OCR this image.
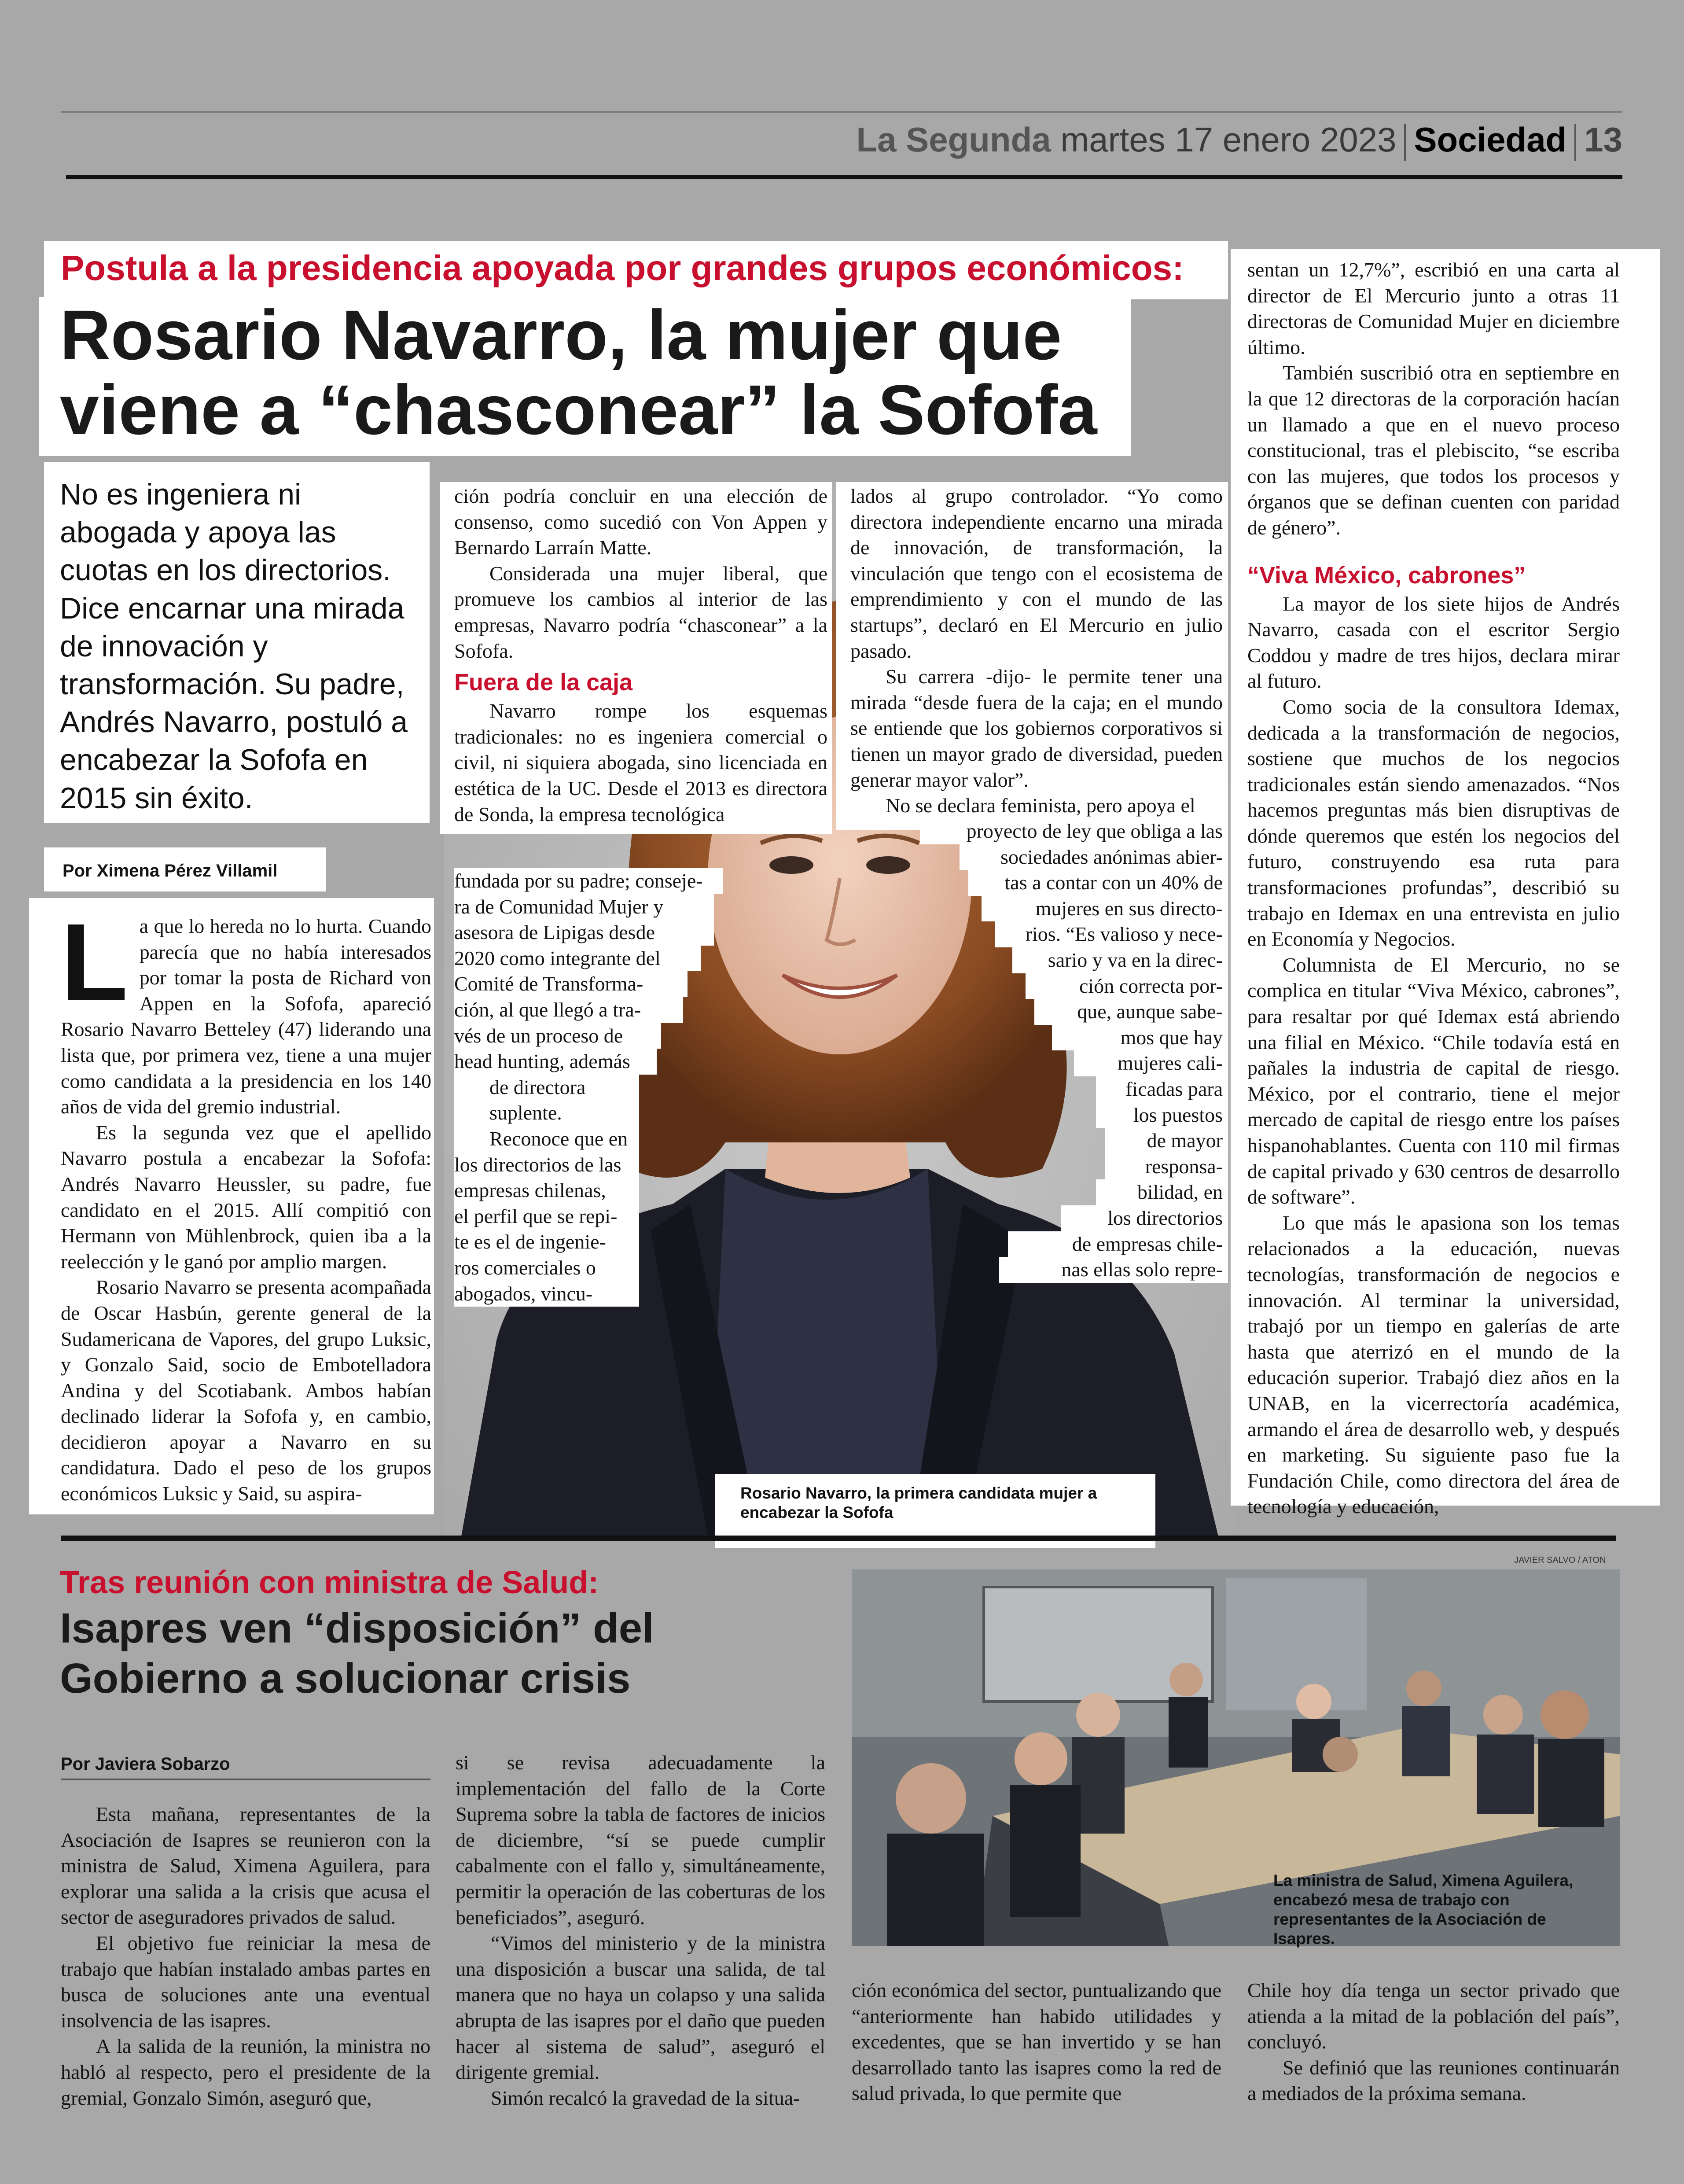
La Segunda martes 17 enero 2023 Sociedad 13
Postula a la presidencia apoyada por grandes grupos económicos:
Rosario Navarro, la mujer que
viene a “chasconear” la Sofofa
No es ingeniera ni abogada y apoya las cuotas en los directorios. Dice encarnar una mirada de innovación y transformación. Su padre, Andrés Navarro, postuló a encabezar la Sofofa en 2015 sin éxito.
Por Ximena Pérez Villamil
L a que lo hereda no lo hurta. Cuando parecía que no había interesados por tomar la posta de Richard von Appen en la Sofofa, apareció Rosario Navarro Betteley (47) liderando una lista que, por primera vez, tiene a una mujer como candidata a la presidencia en los 140 años de vida del gremio industrial.

Es la segunda vez que el apellido Navarro postula a encabezar la Sofofa: Andrés Navarro Heussler, su padre, fue candidato en el 2015. Allí compitió con Hermann von Mühlenbrock, quien iba a la reelección y le ganó por amplio margen.

Rosario Navarro se presenta acompañada de Oscar Hasbún, gerente general de la Sudamericana de Vapores, del grupo Luksic, y Gonzalo Said, socio de Embotelladora Andina y del Scotiabank. Ambos habían declinado liderar la Sofofa y, en cambio, decidieron apoyar a Navarro en su candidatura. Dado el peso de los grupos económicos Luksic y Said, su aspira-

ción podría concluir en una elección de consenso, como sucedió con Von Appen y Bernardo Larraín Matte.

Considerada una mujer liberal, que promueve los cambios al interior de las empresas, Navarro podría “chasconear” a la Sofofa.

Fuera de la caja

Navarro rompe los esquemas tradicionales: no es ingeniera comercial o civil, ni siquiera abogada, sino licenciada en estética de la UC. Desde el 2013 es directora de Sonda, la empresa tecnológica

fundada por su padre; conseje-
ra de Comunidad Mujer y
asesora de Lipigas desde
2020 como integrante del
Comité de Transforma-
ción, al que llegó a tra-
vés de un proceso de
head hunting, además
de directora suplente.
Reconoce que en
los directorios de las
empresas chilenas,
el perfil que se repi-
te es el de ingenie-
ros comerciales o
abogados, vincu-

lados al grupo controlador. “Yo como directora independiente encarno una mirada de innovación, de transformación, la vinculación que tengo con el ecosistema de emprendimiento y con el mundo de las startups”, declaró en El Mercurio en julio pasado.

Su carrera -dijo- le permite tener una mirada “desde fuera de la caja; en el mundo se entiende que los gobiernos corporativos si tienen un mayor grado de diversidad, pueden generar mayor valor”.

No se declara feminista, pero apoya el

proyecto de ley que obliga a las
sociedades anónimas abier-
tas a contar con un 40% de
mujeres en sus directo-
rios. “Es valioso y nece-
sario y va en la direc-
ción correcta por-
que, aunque sabe-
mos que hay
mujeres cali-
ficadas para
los puestos
de mayor
responsa-
bilidad, en
los directorios
de empresas chile-
nas ellas solo repre-
Rosario Navarro, la primera candidata mujer a encabezar la Sofofa

sentan un 12,7%”, escribió en una carta al director de El Mercurio junto a otras 11 directoras de Comunidad Mujer en diciembre último.

También suscribió otra en septiembre en la que 12 directoras de la corporación hacían un llamado a que en el nuevo proceso constitucional, tras el plebiscito, “se escriba con las mujeres, que todos los procesos y órganos que se definan cuenten con paridad de género”.

“Viva México, cabrones”

La mayor de los siete hijos de Andrés Navarro, casada con el escritor Sergio Coddou y madre de tres hijos, declara mirar al futuro.

Como socia de la consultora Idemax, dedicada a la transformación de negocios, sostiene que muchos de los negocios tradicionales están siendo amenazados. “Nos hacemos preguntas más bien disruptivas de dónde queremos que estén los negocios del futuro, construyendo esa ruta para transformaciones profundas”, describió su trabajo en Idemax en una entrevista en julio en Economía y Negocios.

Columnista de El Mercurio, no se complica en titular “Viva México, cabrones”, para resaltar por qué Idemax está abriendo una filial en México. “Chile todavía está en pañales la industria de capital de riesgo. México, por el contrario, tiene el mejor mercado de capital de riesgo entre los países hispanohablantes. Cuenta con 110 mil firmas de capital privado y 630 centros de desarrollo de software”.

Lo que más le apasiona son los temas relacionados a la educación, nuevas tecnologías, transformación de negocios e innovación. Al terminar la universidad, trabajó por un tiempo en galerías de arte hasta que aterrizó en el mundo de la educación superior. Trabajó diez años en la UNAB, en la vicerrectoría académica, armando el área de desarrollo web, y después en marketing. Su siguiente paso fue la Fundación Chile, como directora del área de tecnología y educación,

Tras reunión con ministra de Salud:
Isapres ven “disposición” del
Gobierno a solucionar crisis
Por Javiera Sobarzo

Esta mañana, representantes de la Asociación de Isapres se reunieron con la ministra de Salud, Ximena Aguilera, para explorar una salida a la crisis que acusa el sector de aseguradores privados de salud.

El objetivo fue reiniciar la mesa de trabajo que habían instalado ambas partes en busca de soluciones ante una eventual insolvencia de las isapres.

A la salida de la reunión, la ministra no habló al respecto, pero el presidente de la gremial, Gonzalo Simón, aseguró que,

si se revisa adecuadamente la implementación del fallo de la Corte Suprema sobre la tabla de factores de inicios de diciembre, “sí se puede cumplir cabalmente con el fallo y, simultáneamente, permitir la operación de las coberturas de los beneficiados”, aseguró.

“Vimos del ministerio y de la ministra una disposición a buscar una salida, de tal manera que no haya un colapso y una salida abrupta de las isapres por el daño que pueden hacer al sistema de salud”, aseguró el dirigente gremial.

Simón recalcó la gravedad de la situa-

JAVIER SALVO / ATON
La ministra de Salud, Ximena Aguilera, encabezó mesa de trabajo con representantes de la Asociación de Isapres.

ción económica del sector, puntualizando que “anteriormente han habido utilidades y excedentes, que se han invertido y se han desarrollado tanto las isapres como la red de salud privada, lo que permite que

Chile hoy día tenga un sector privado que atienda a la mitad de la población del país”, concluyó.

Se definió que las reuniones continuarán a mediados de la próxima semana.
